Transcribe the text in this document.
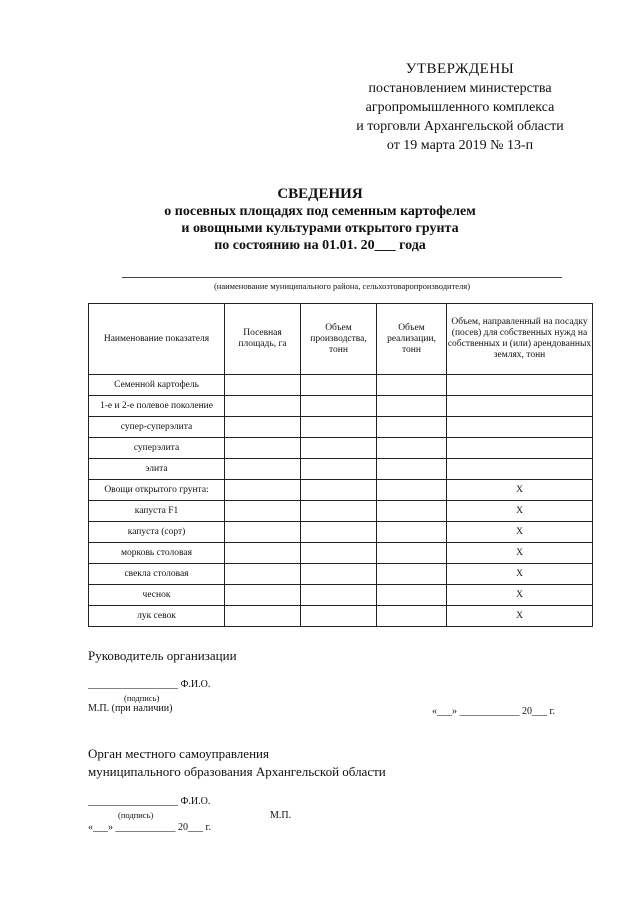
УТВЕРЖДЕНЫ
постановлением министерства
агропромышленного комплекса
и торговли Архангельской области
от 19 марта 2019 № 13-п
СВЕДЕНИЯ
о посевных площадях под семенным картофелем
и овощными культурами открытого грунта
по состоянию на 01.01. 20___ года
(наименование муниципального района, сельхозтоваропроизводителя)
Наименование показателя	Посевная площадь, га	Объем производства, тонн	Объем реализации, тонн	Объем, направленный на посадку (посев) для собственных нужд на собственных и (или) арендованных землях, тонн
Семенной картофель				
1-е и 2-е полевое поколение				
супер-суперэлита				
суперэлита				
элита				
Овощи открытого грунта:				X
капуста F1				X
капуста (сорт)				X
морковь столовая				X
свекла столовая				X
чеснок				X
лук севок				X
Руководитель организации
__________________ Ф.И.О.
(подпись)
М.П. (при наличии)	«___» ____________ 20___ г.
Орган местного самоуправления
муниципального образования Архангельской области
__________________ Ф.И.О.
(подпись)	М.П.
«___» ____________ 20___ г.
